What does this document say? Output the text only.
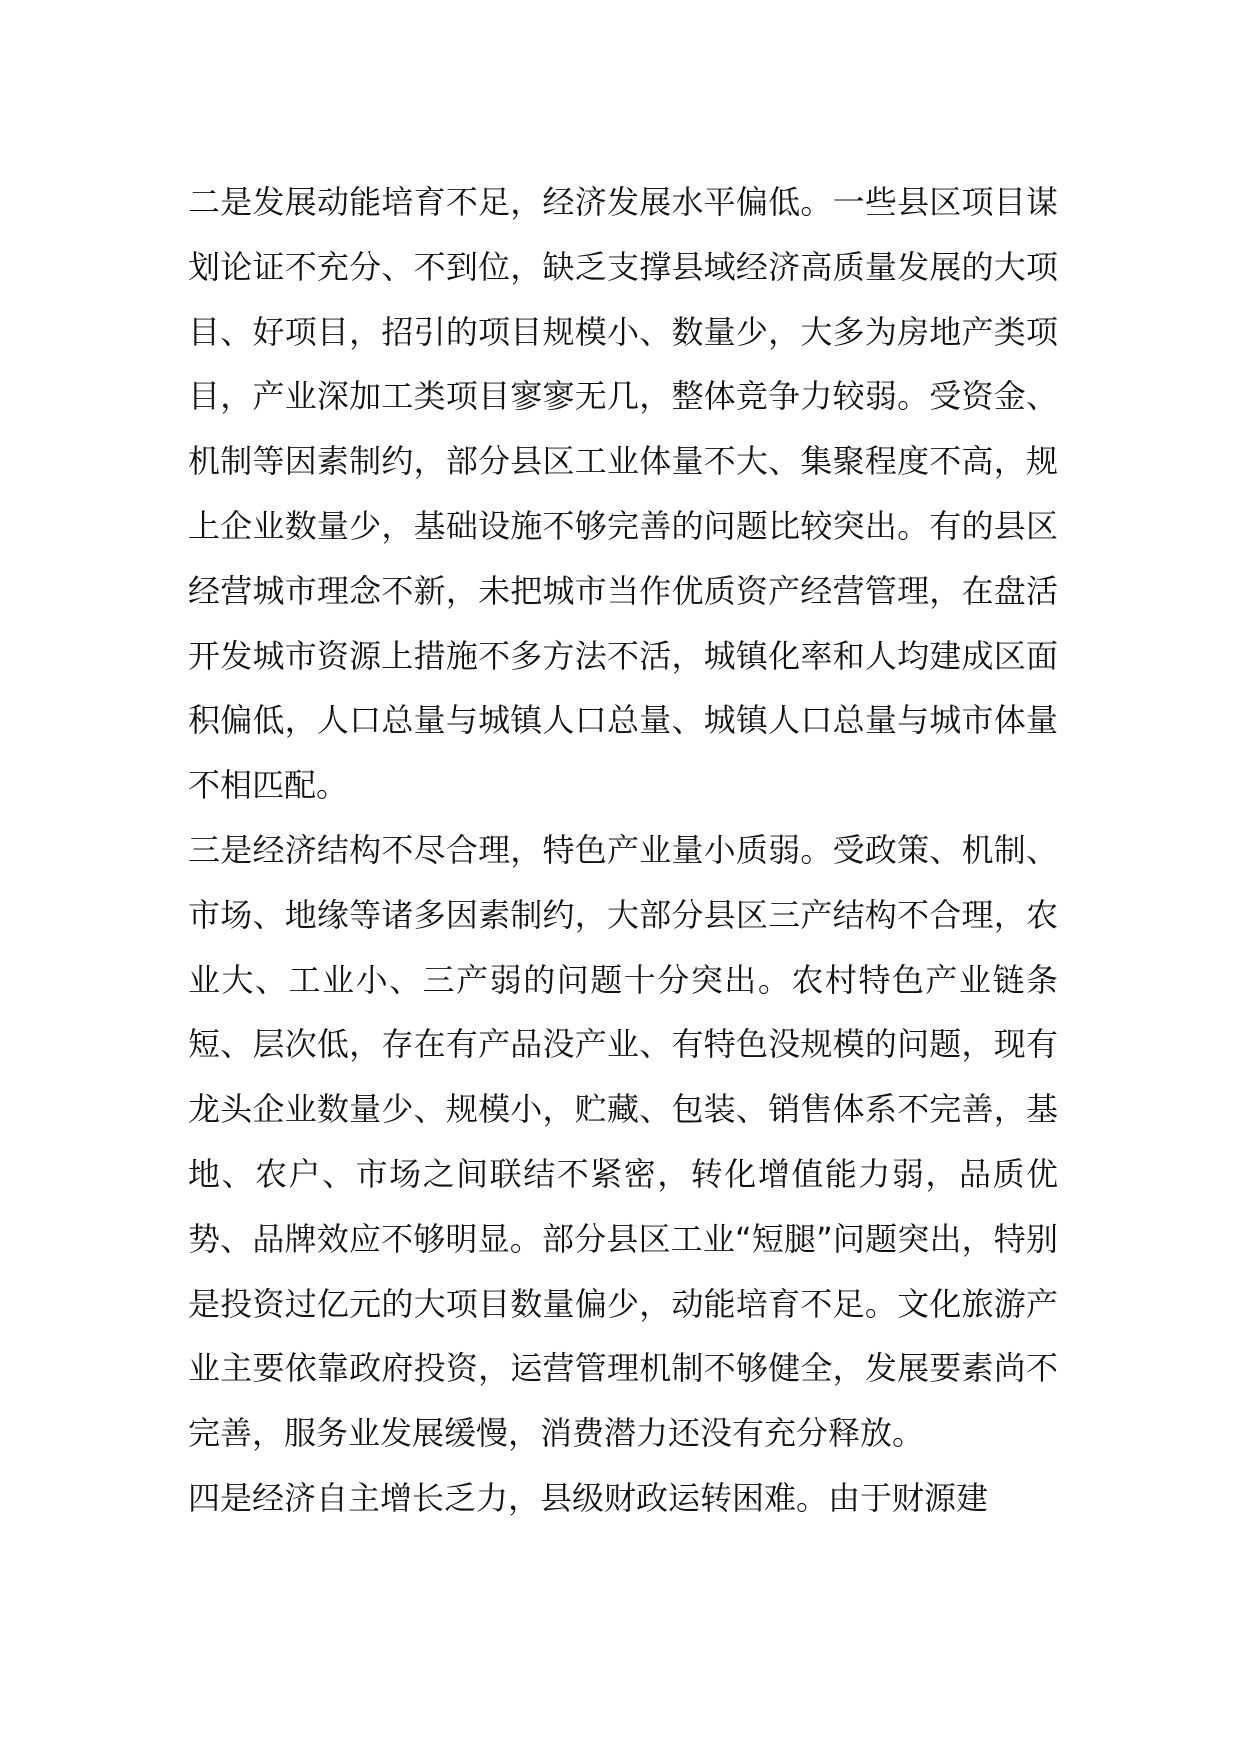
二是发展动能培育不足，经济发展水平偏低。一些县区项目谋划论证不充分、不到位，缺乏支撑县域经济高质量发展的大项目、好项目，招引的项目规模小、数量少，大多为房地产类项目，产业深加工类项目寥寥无几，整体竞争力较弱。受资金、机制等因素制约，部分县区工业体量不大、集聚程度不高，规上企业数量少，基础设施不够完善的问题比较突出。有的县区经营城市理念不新，未把城市当作优质资产经营管理，在盘活开发城市资源上措施不多方法不活，城镇化率和人均建成区面积偏低，人口总量与城镇人口总量、城镇人口总量与城市体量不相匹配。

三是经济结构不尽合理，特色产业量小质弱。受政策、机制、市场、地缘等诸多因素制约，大部分县区三产结构不合理，农业大、工业小、三产弱的问题十分突出。农村特色产业链条短、层次低，存在有产品没产业、有特色没规模的问题，现有龙头企业数量少、规模小，贮藏、包装、销售体系不完善，基地、农户、市场之间联结不紧密，转化增值能力弱，品质优势、品牌效应不够明显。部分县区工业“短腿”问题突出，特别是投资过亿元的大项目数量偏少，动能培育不足。文化旅游产业主要依靠政府投资，运营管理机制不够健全，发展要素尚不完善，服务业发展缓慢，消费潜力还没有充分释放。

四是经济自主增长乏力，县级财政运转困难。由于财源建
